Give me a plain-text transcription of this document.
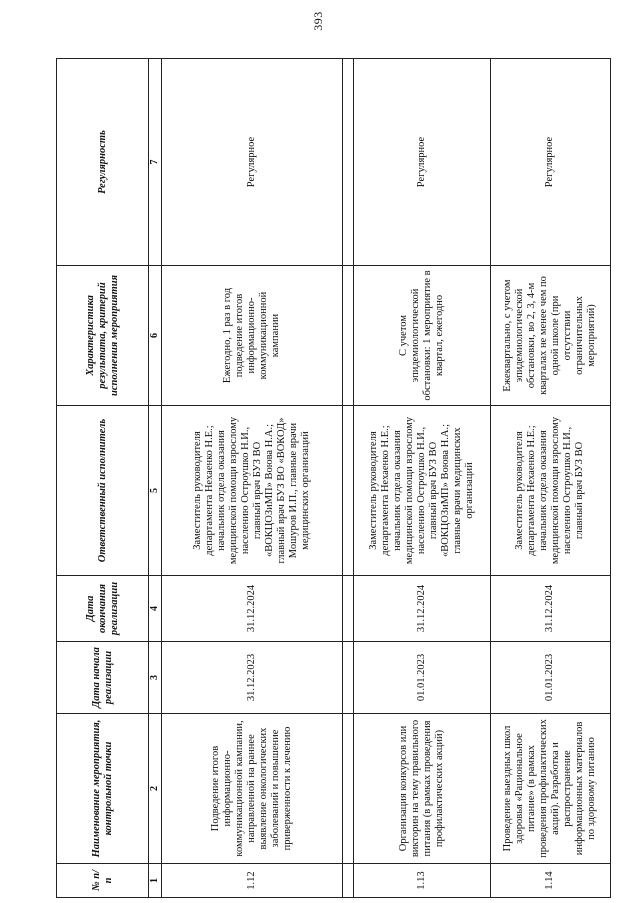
393
№ п/п	Наименование мероприятия, контрольной точки	Дата начала реализации	Дата окончания реализации	Ответственный исполнитель	Характеристика результата, критерий исполнения мероприятия	Регулярность
1	2	3	4	5	6	7
1.12	Подведение итогов информационно-коммуникационной кампании, направленной на раннее выявление онкологических заболеваний и повышение приверженности к лечению	31.12.2023	31.12.2024	Заместитель руководителя департамента Нехаенко Н.Е.; начальник отдела оказания медицинской помощи взрослому населению Остроушко Н.И., главный врач БУЗ ВО «ВОКЦОЗиМП» Воюва Н.А.; главный врач БУЗ ВО «ВОКОД» Мошуров И.П., главные врачи медицинских организаций	Ежегодно, 1 раз в год подведение итогов информационно-коммуникационной кампании	Регулярное

1.13	Организация конкурсов или викторин на тему правильного питания (в рамках проведения профилактических акций)	01.01.2023	31.12.2024	Заместитель руководителя департамента Нехаенко Н.Е.; начальник отдела оказания медицинской помощи взрослому населению Остроушко Н.И., главный врач БУЗ ВО «ВОКЦОЗиМП» Воюва Н.А.; главные врачи медицинских организаций	С учетом эпидемиологической обстановки: 1 мероприятие в квартал, ежегодно	Регулярное
1.14	Проведение выездных школ здоровья «Рациональное питание» (в рамках проведения профилактических акций). Разработка и распространение информационных материалов по здоровому питанию	01.01.2023	31.12.2024	Заместитель руководителя департамента Нехаенко Н.Е.; начальник отдела оказания медицинской помощи взрослому населению Остроушко Н.И., главный врач БУЗ ВО	Ежеквартально, с учетом эпидемиологической обстановки, во 2, 3, 4-м кварталах не менее чем по одной школе (при отсутствии ограничительных мероприятий)	Регулярное
